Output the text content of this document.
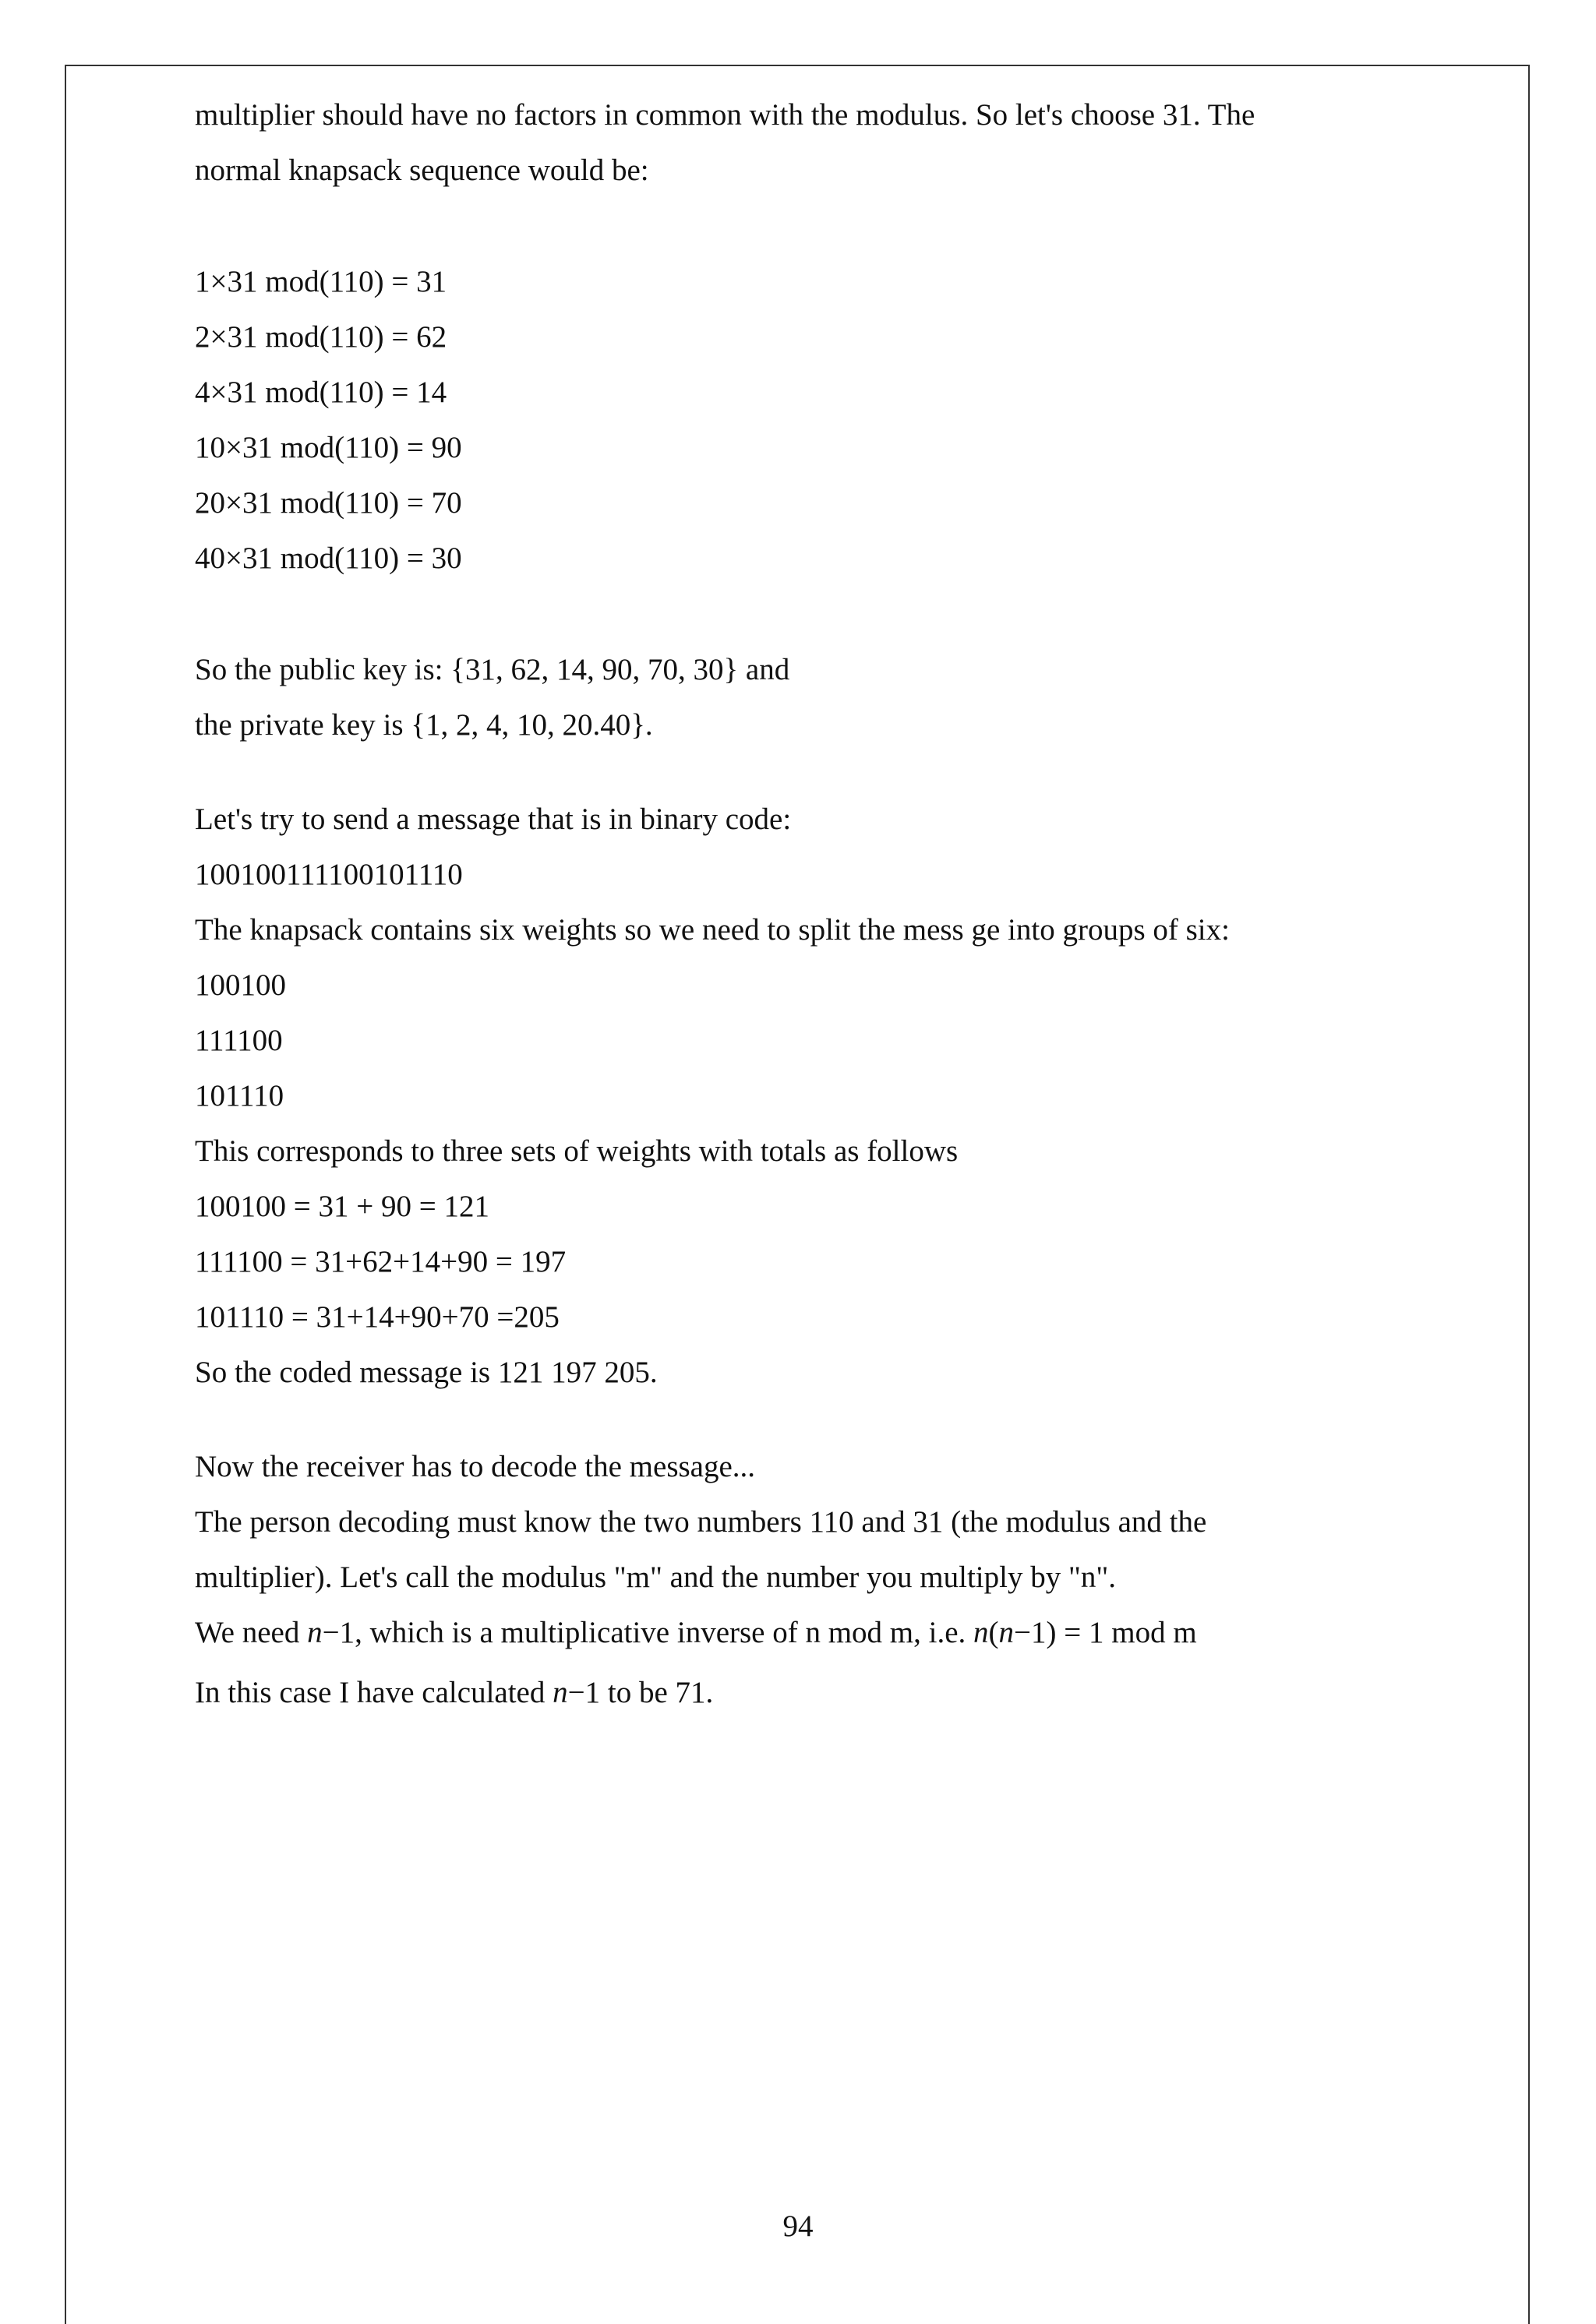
multiplier should have no factors in common with the modulus. So let's choose 31. The
normal knapsack sequence would be:
1×31 mod(110) = 31
2×31 mod(110) = 62
4×31 mod(110) = 14
10×31 mod(110) = 90
20×31 mod(110) = 70
40×31 mod(110) = 30
So the public key is: {31, 62, 14, 90, 70, 30} and
the private key is {1, 2, 4, 10, 20.40}.
Let's try to send a message that is in binary code:
100100111100101110
The knapsack contains six weights so we need to split the mess ge into groups of six:
100100
111100
101110
This corresponds to three sets of weights with totals as follows
100100 = 31 + 90 = 121
111100 = 31+62+14+90 = 197
101110 = 31+14+90+70 =205
So the coded message is 121 197 205.
Now the receiver has to decode the message...
The person decoding must know the two numbers 110 and 31 (the modulus and the
multiplier). Let's call the modulus "m" and the number you multiply by "n".
We need n−1, which is a multiplicative inverse of n mod m, i.e. n(n−1) = 1 mod m
In this case I have calculated n−1 to be 71.
94
